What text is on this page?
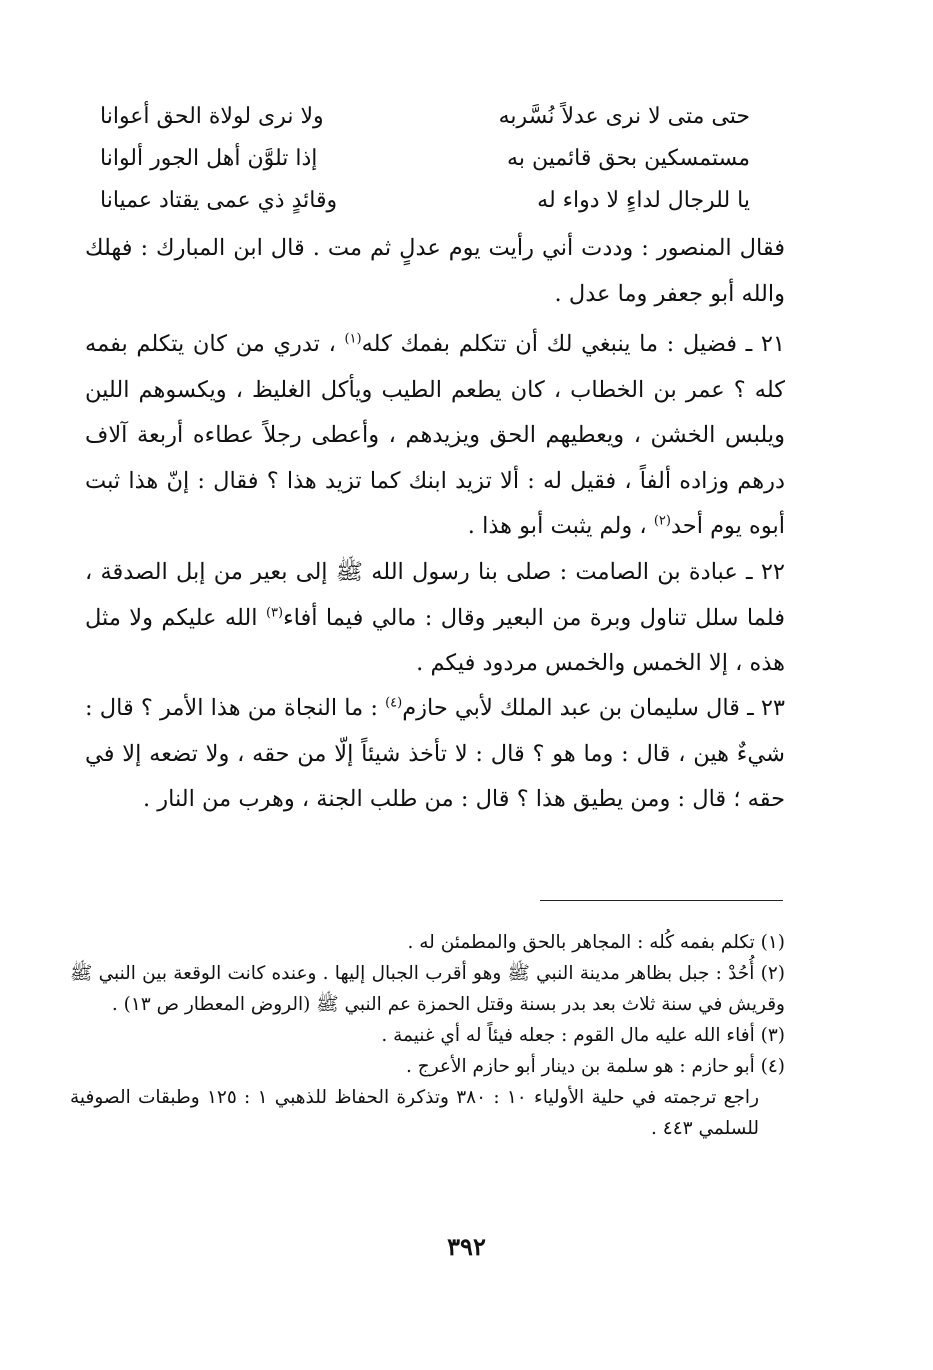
حتى متى لا نرى عدلاً نُسَّربه
ولا نرى لولاة الحق أعوانا
مستمسكين بحق قائمين به
إذا تلوَّن أهل الجور ألوانا
يا للرجال لداءٍ لا دواء له
وقائدٍ ذي عمى يقتاد عميانا

فقال المنصور : وددت أني رأيت يوم عدلٍ ثم مت . قال ابن المبارك : فهلك والله أبو جعفر وما عدل .

٢١ ـ فضيل : ما ينبغي لك أن تتكلم بفمك كله$^{(١)}$ ، تدري من كان يتكلم بفمه كله ؟ عمر بن الخطاب ، كان يطعم الطيب ويأكل الغليظ ، ويكسوهم اللين ويلبس الخشن ، ويعطيهم الحق ويزيدهم ، وأعطى رجلاً عطاءه أربعة آلاف درهم وزاده ألفاً ، فقيل له : ألا تزيد ابنك كما تزيد هذا ؟ فقال : إنّ هذا ثبت أبوه يوم أحد$^{(٢)}$ ، ولم يثبت أبو هذا .

٢٢ ـ عبادة بن الصامت : صلى بنا رسول الله ﷺ إلى بعير من إبل الصدقة ، فلما سلل تناول وبرة من البعير وقال : مالي فيما أفاء$^{(٣)}$ الله عليكم ولا مثل هذه ، إلا الخمس والخمس مردود فيكم .

٢٣ ـ قال سليمان بن عبد الملك لأبي حازم$^{(٤)}$ : ما النجاة من هذا الأمر ؟ قال : شيءٌ هين ، قال : وما هو ؟ قال : لا تأخذ شيئاً إلّا من حقه ، ولا تضعه إلا في حقه ؛ قال : ومن يطيق هذا ؟ قال : من طلب الجنة ، وهرب من النار .

(١) تكلم بفمه كُله : المجاهر بالحق والمطمئن له .

(٢) أُحُدْ : جبل بظاهر مدينة النبي ﷺ وهو أقرب الجبال إليها . وعنده كانت الوقعة بين النبي ﷺ وقريش في سنة ثلاث بعد بدر بسنة وقتل الحمزة عم النبي ﷺ (الروض المعطار ص ١٣) .

(٣) أفاء الله عليه مال القوم : جعله فيئاً له أي غنيمة .

(٤) أبو حازم : هو سلمة بن دينار أبو حازم الأعرج .

راجع ترجمته في حلية الأولياء ١٠ : ٣٨٠ وتذكرة الحفاظ للذهبي ١ : ١٢٥ وطبقات الصوفية للسلمي ٤٤٣ .

٣٩٢
